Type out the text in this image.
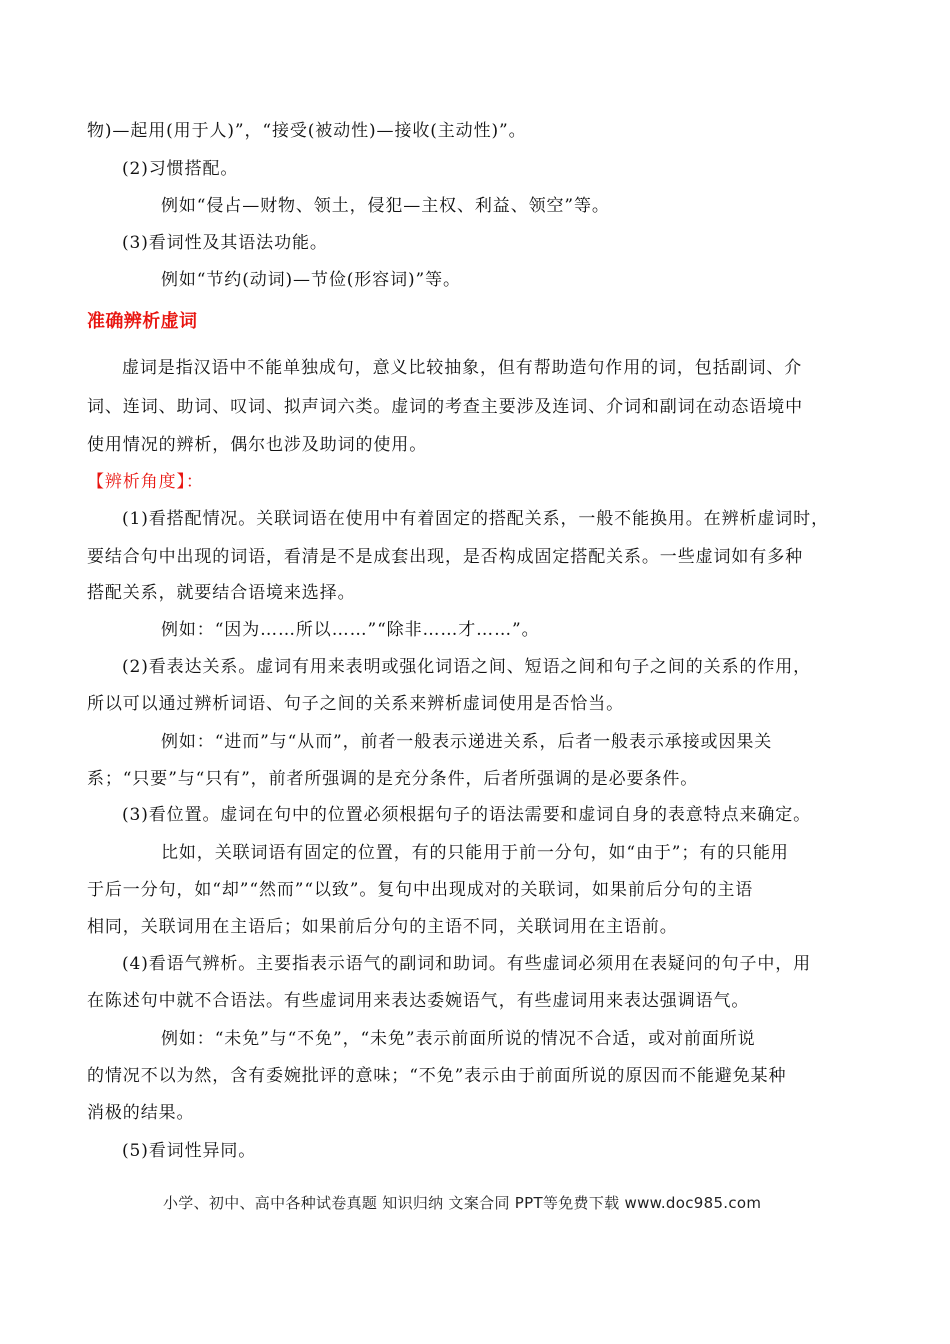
物)—起用(用于人)”，“接受(被动性)—接收(主动性)”。
(2)习惯搭配。
例如“侵占—财物、领土，侵犯—主权、利益、领空”等。
(3)看词性及其语法功能。
例如“节约(动词)—节俭(形容词)”等。
准确辨析虚词
虚词是指汉语中不能单独成句，意义比较抽象，但有帮助造句作用的词，包括副词、介
词、连词、助词、叹词、拟声词六类。虚词的考查主要涉及连词、介词和副词在动态语境中
使用情况的辨析，偶尔也涉及助词的使用。
【辨析角度】：
(1)看搭配情况。关联词语在使用中有着固定的搭配关系，一般不能换用。在辨析虚词时，
要结合句中出现的词语，看清是不是成套出现，是否构成固定搭配关系。一些虚词如有多种
搭配关系，就要结合语境来选择。
例如：“因为……所以……”“除非……才……”。
(2)看表达关系。虚词有用来表明或强化词语之间、短语之间和句子之间的关系的作用，
所以可以通过辨析词语、句子之间的关系来辨析虚词使用是否恰当。
例如：“进而”与“从而”，前者一般表示递进关系，后者一般表示承接或因果关
系；“只要”与“只有”，前者所强调的是充分条件，后者所强调的是必要条件。
(3)看位置。虚词在句中的位置必须根据句子的语法需要和虚词自身的表意特点来确定。
比如，关联词语有固定的位置，有的只能用于前一分句，如“由于”；有的只能用
于后一分句，如“却”“然而”“以致”。复句中出现成对的关联词，如果前后分句的主语
相同，关联词用在主语后；如果前后分句的主语不同，关联词用在主语前。
(4)看语气辨析。主要指表示语气的副词和助词。有些虚词必须用在表疑问的句子中，用
在陈述句中就不合语法。有些虚词用来表达委婉语气，有些虚词用来表达强调语气。
例如：“未免”与“不免”，“未免”表示前面所说的情况不合适，或对前面所说
的情况不以为然，含有委婉批评的意味；“不免”表示由于前面所说的原因而不能避免某种
消极的结果。
(5)看词性异同。
小学、初中、高中各种试卷真题 知识归纳 文案合同 PPT等免费下载 www.doc985.com
